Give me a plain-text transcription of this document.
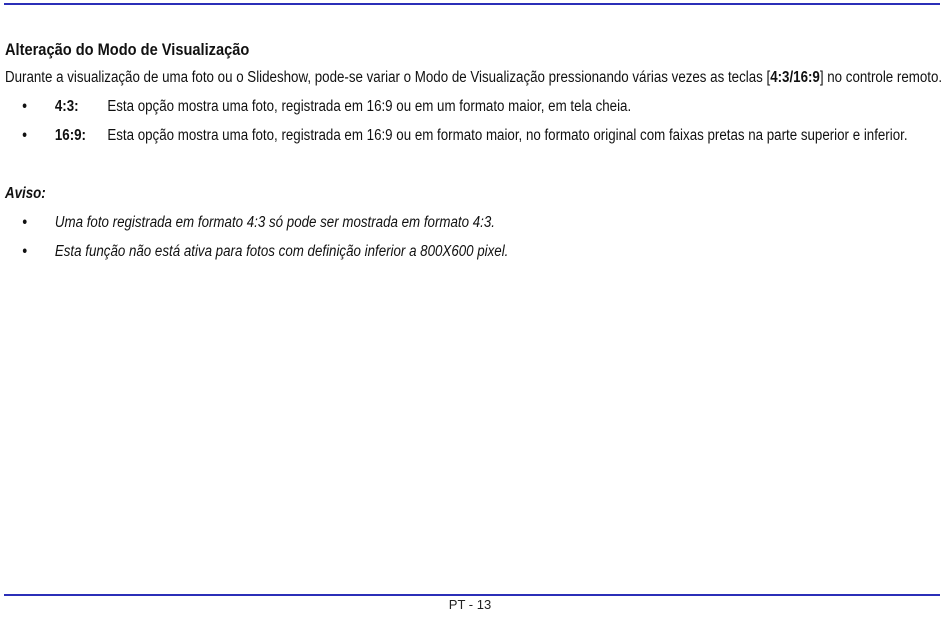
Alteração do Modo de Visualização

Durante a visualização de uma foto ou o Slideshow, pode-se variar o Modo de Visualização pressionando várias vezes as teclas [4:3/16:9] no controle remoto.

• 4:3:	Esta opção mostra uma foto, registrada em 16:9 ou em um formato maior, em tela cheia.
• 16:9:	Esta opção mostra uma foto, registrada em 16:9 ou em formato maior, no formato original com faixas pretas na parte superior e inferior.

Aviso:

• Uma foto registrada em formato 4:3 só pode ser mostrada em formato 4:3.
• Esta função não está ativa para fotos com definição inferior a 800X600 pixel.
PT - 13
